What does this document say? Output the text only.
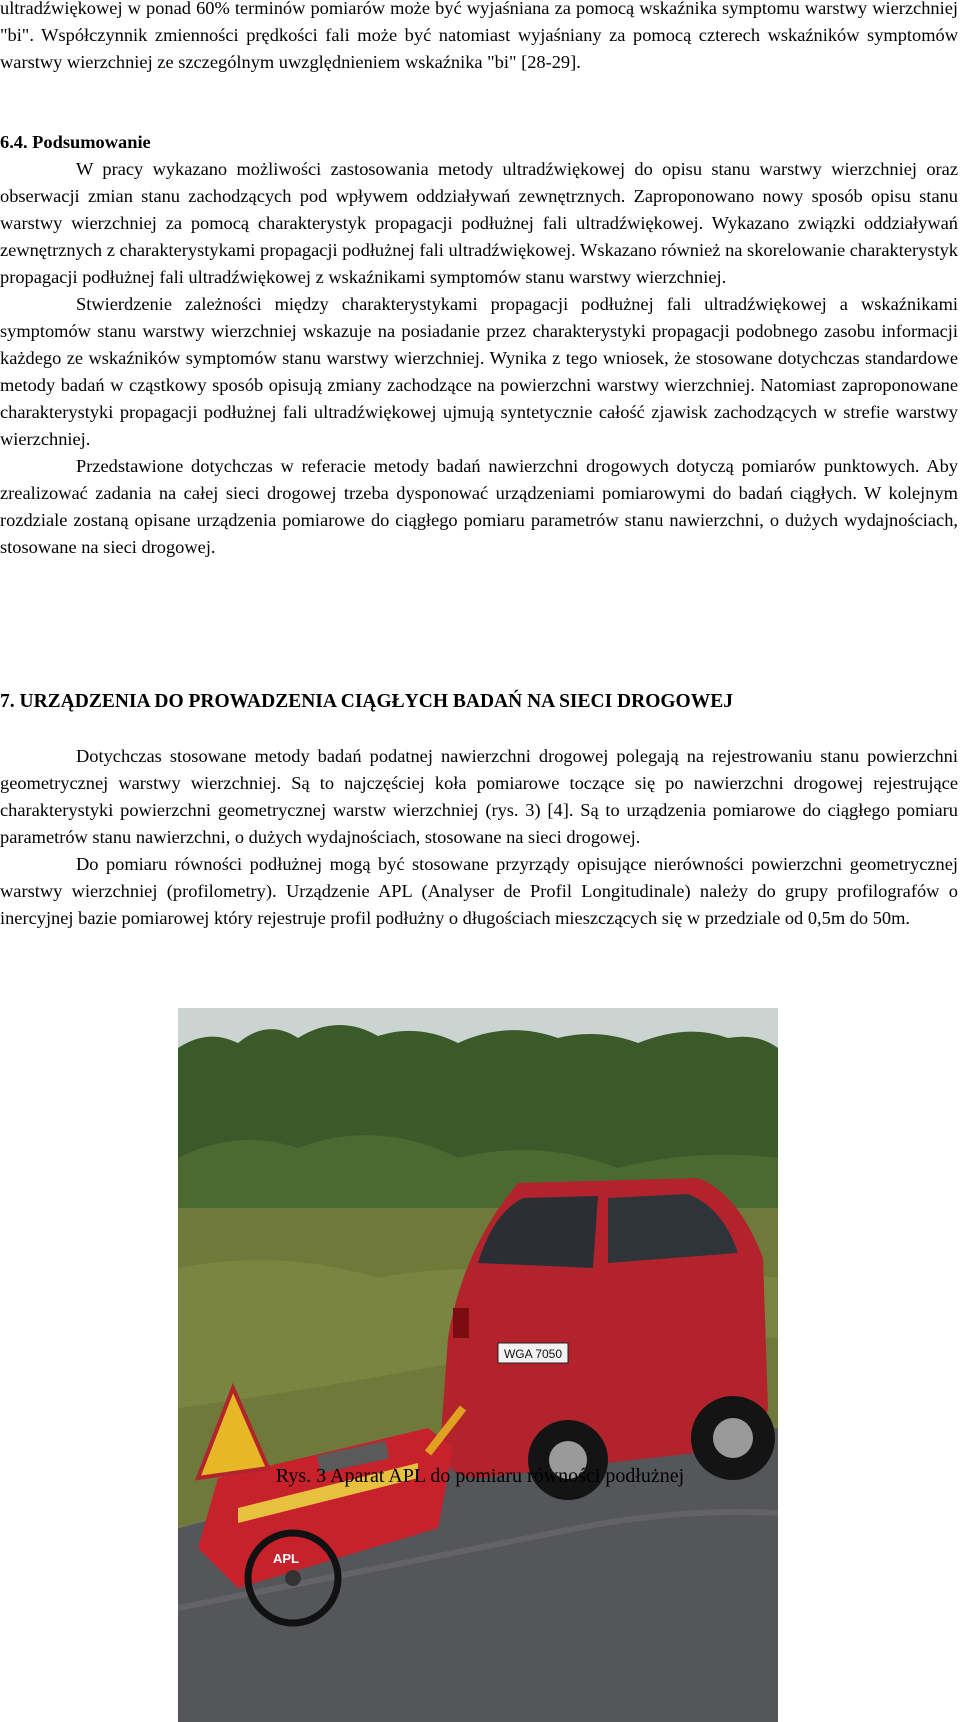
ultradźwiękowej w ponad 60% terminów pomiarów może być wyjaśniana za pomocą wskaźnika symptomu warstwy wierzchniej "bi". Współczynnik zmienności prędkości fali może być natomiast wyjaśniany za pomocą czterech wskaźników symptomów warstwy wierzchniej ze szczególnym uwzględnieniem wskaźnika "bi" [28-29].

6.4. Podsumowanie

W pracy wykazano możliwości zastosowania metody ultradźwiękowej do opisu stanu warstwy wierzchniej oraz obserwacji zmian stanu zachodzących pod wpływem oddziaływań zewnętrznych. Zaproponowano nowy sposób opisu stanu warstwy wierzchniej za pomocą charakterystyk propagacji podłużnej fali ultradźwiękowej. Wykazano związki oddziaływań zewnętrznych z charakterystykami propagacji podłużnej fali ultradźwiękowej. Wskazano również na skorelowanie charakterystyk propagacji podłużnej fali ultradźwiękowej z wskaźnikami symptomów stanu warstwy wierzchniej.

Stwierdzenie zależności między charakterystykami propagacji podłużnej fali ultradźwiękowej a wskaźnikami symptomów stanu warstwy wierzchniej wskazuje na posiadanie przez charakterystyki propagacji podobnego zasobu informacji każdego ze wskaźników symptomów stanu warstwy wierzchniej. Wynika z tego wniosek, że stosowane dotychczas standardowe metody badań w cząstkowy sposób opisują zmiany zachodzące na powierzchni warstwy wierzchniej. Natomiast zaproponowane charakterystyki propagacji podłużnej fali ultradźwiękowej ujmują syntetycznie całość zjawisk zachodzących w strefie warstwy wierzchniej.

Przedstawione dotychczas w referacie metody badań nawierzchni drogowych dotyczą pomiarów punktowych. Aby zrealizować zadania na całej sieci drogowej trzeba dysponować urządzeniami pomiarowymi do badań ciągłych. W kolejnym rozdziale zostaną opisane urządzenia pomiarowe do ciągłego pomiaru parametrów stanu nawierzchni, o dużych wydajnościach, stosowane na sieci drogowej.

7. URZĄDZENIA DO PROWADZENIA CIĄGŁYCH BADAŃ NA SIECI DROGOWEJ

Dotychczas stosowane metody badań podatnej nawierzchni drogowej polegają na rejestrowaniu stanu powierzchni geometrycznej warstwy wierzchniej. Są to najczęściej koła pomiarowe toczące się po nawierzchni drogowej rejestrujące charakterystyki powierzchni geometrycznej warstw wierzchniej (rys. 3) [4]. Są to urządzenia pomiarowe do ciągłego pomiaru parametrów stanu nawierzchni, o dużych wydajnościach, stosowane na sieci drogowej.

Do pomiaru równości podłużnej mogą być stosowane przyrządy opisujące nierówności powierzchni geometrycznej warstwy wierzchniej (profilometry). Urządzenie APL (Analyser de Profil Longitudinale) należy do grupy profilografów o inercyjnej bazie pomiarowej który rejestruje profil podłużny o długościach mieszczących się w przedziale od 0,5m do 50m.

WGA 7050
APL
Rys. 3 Aparat APL do pomiaru równości podłużnej
